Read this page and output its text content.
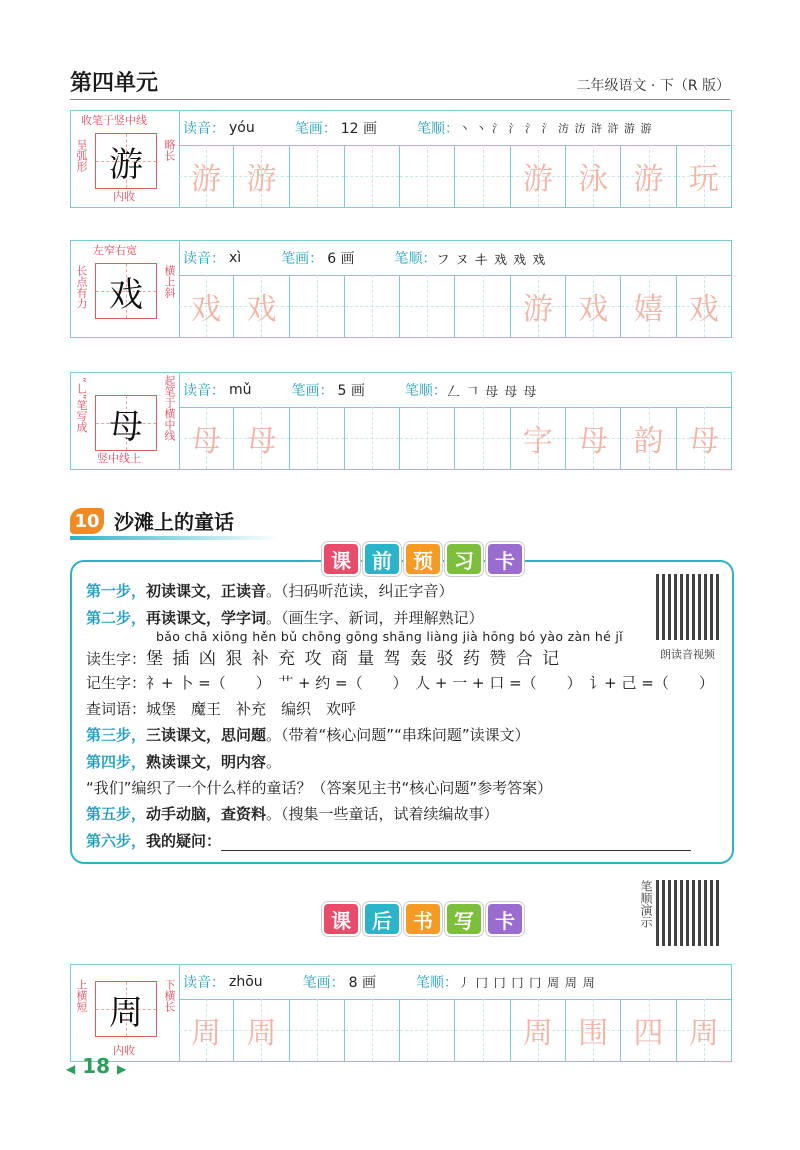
第四单元	二年级语文 · 下（R 版）
收笔于竖中线
呈弧形	略长
内收
游
读音： yóu	笔画： 12 画	笔顺： 丶 丶 氵 氵 氵 氵 汸 汸 浒 浒 游 游
游 游	游 泳 游 玩
左窄右宽
长点有力	横上斜
戏
读音： xì	笔画： 6 画	笔顺： フ ヌ 𰀁 戏 戏 戏
戏 戏	游 戏 嬉 戏
“乚”笔写成	起笔于横中线
竖中线上
母
读音： mǔ	笔画： 5 画	笔顺： 𠃋 𠃍 母 母 母
母 母	字 母 韵 母
10 沙滩上的童话
课	前	预	习	卡
第一步，初读课文，正读音。（扫码听范读，纠正字音）
第二步，再读课文，学字词。（画生字、新词，并理解熟记）
bǎo chā xiōng hěn bǔ chōng gōng shāng liàng jià hōng bó yào zàn hé jǐ
读生字：堡 插 凶 狠 补 充 攻 商 量 驾 轰 驳 药 赞 合 记
记生字：礻+ 卜 =（　　）　艹 + 约 =（　　）　人 + 一 + 口 =（　　）　讠+ 己 =（　　）
查词语：城堡　魔王　补充　编织　欢呼
第三步，三读课文，思问题。（带着“核心问题”“串珠问题”读课文）
第四步，熟读课文，明内容。
“我们”编织了一个什么样的童话？（答案见主书“核心问题”参考答案）
第五步，动手动脑，查资料。（搜集一些童话，试着续编故事）
第六步，我的疑问：
朗读音视频
课	后	书	写	卡	笔顺演示
上横短	下横长
内收
周
读音： zhōu	笔画： 8 画	笔顺： 丿 冂 冂 冂 冂 周 周 周
周 周	周 围 四 周
◀ 18 ▶
